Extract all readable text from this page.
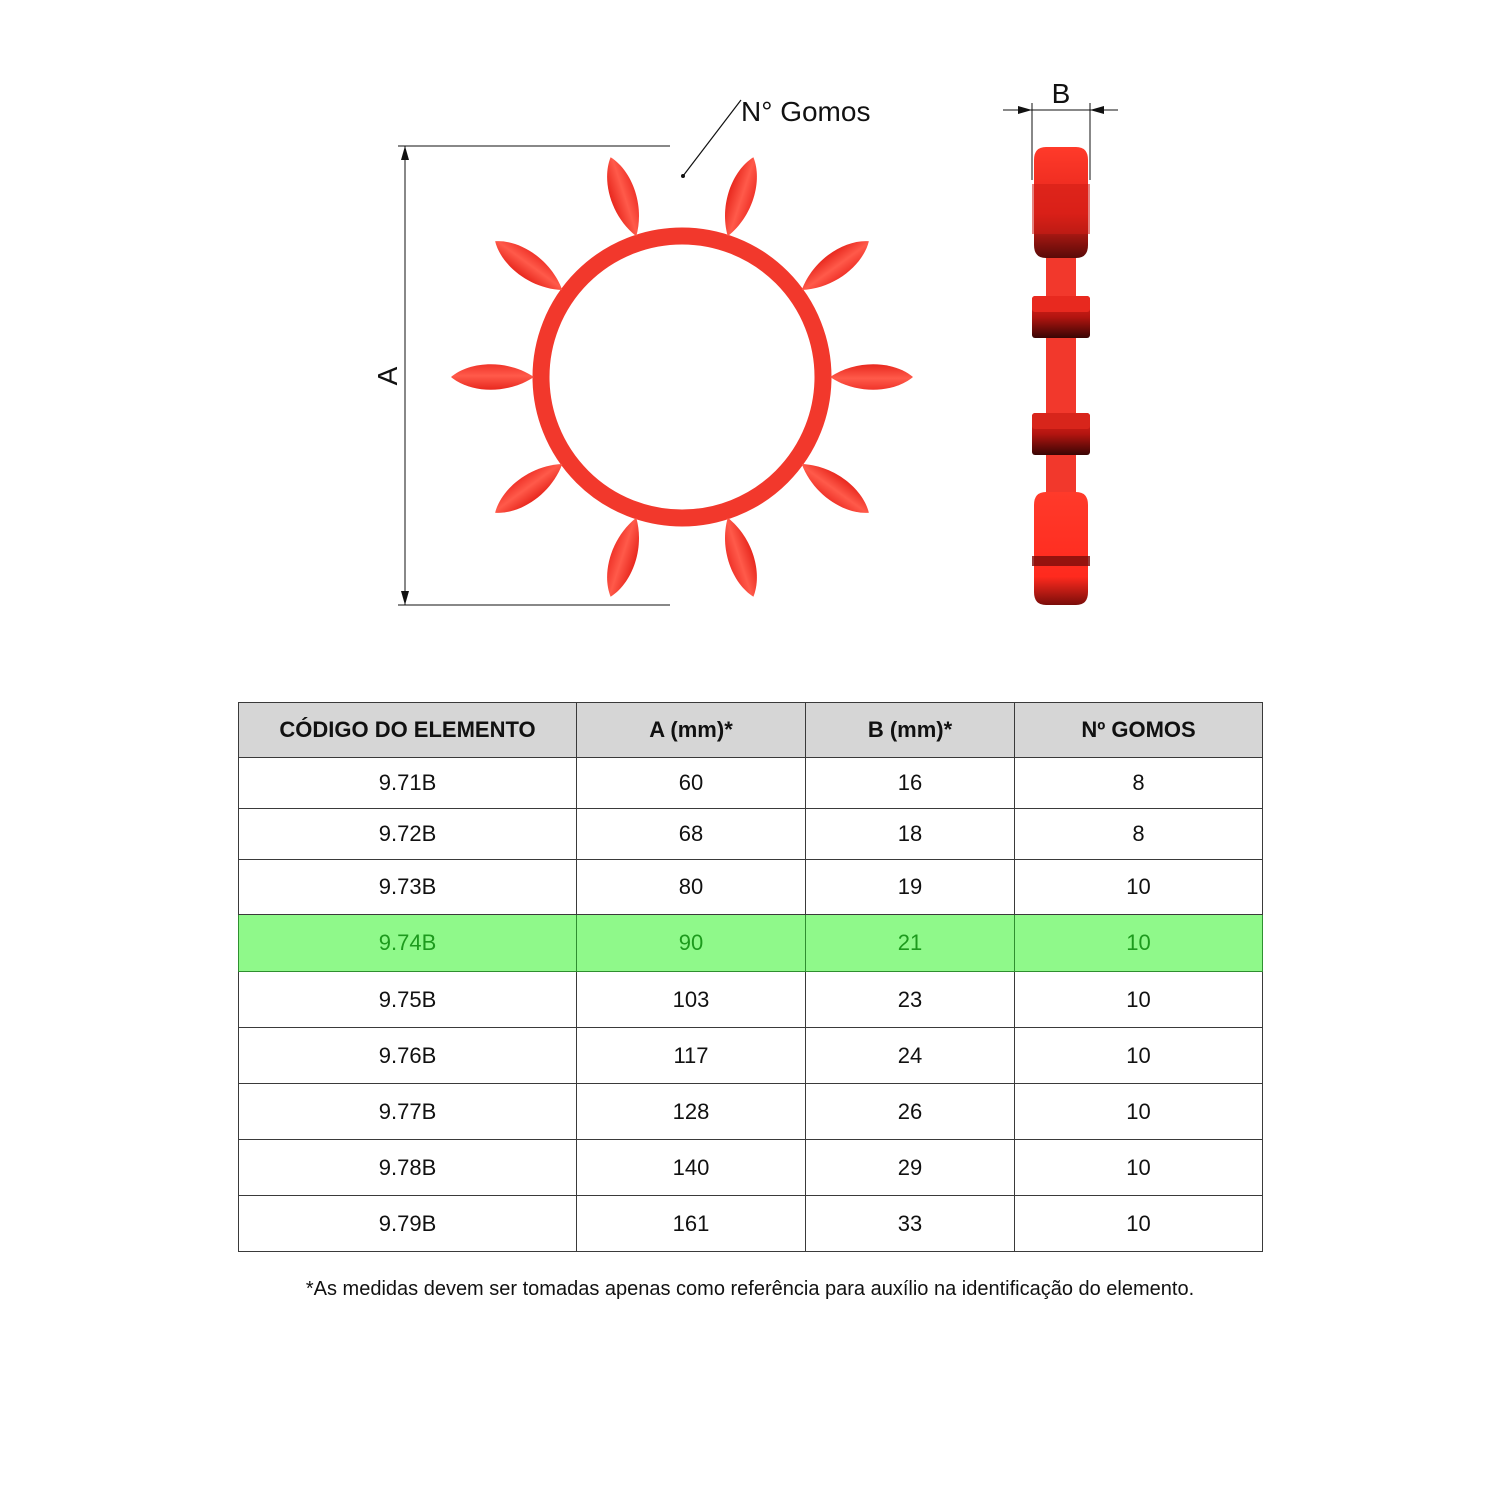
N° Gomos
A
B
CÓDIGO DO ELEMENTO	A (mm)*	B (mm)*	Nº GOMOS
9.71B	60	16	8
9.72B	68	18	8
9.73B	80	19	10
9.74B	90	21	10
9.75B	103	23	10
9.76B	117	24	10
9.77B	128	26	10
9.78B	140	29	10
9.79B	161	33	10
*As medidas devem ser tomadas apenas como referência para auxílio na identificação do elemento.
